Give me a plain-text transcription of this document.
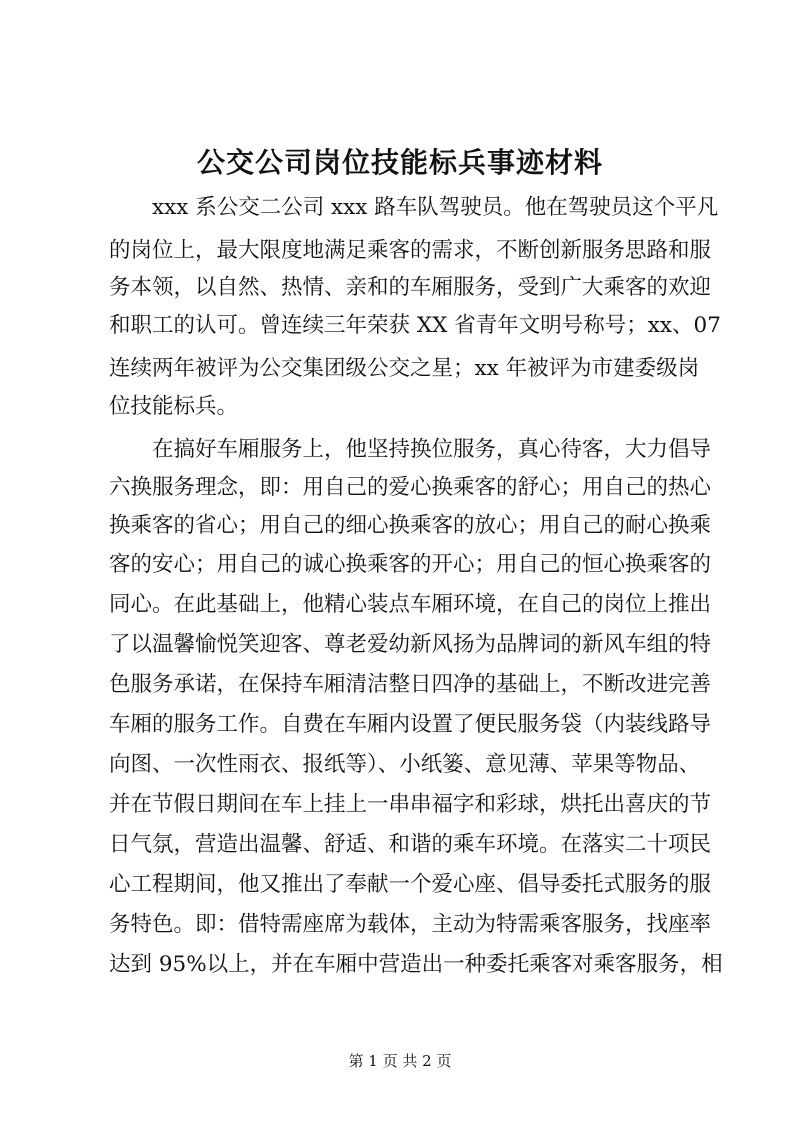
公交公司岗位技能标兵事迹材料
xxx 系公交二公司 xxx 路车队驾驶员。他在驾驶员这个平凡
的岗位上，最大限度地满足乘客的需求，不断创新服务思路和服
务本领，以自然、热情、亲和的车厢服务，受到广大乘客的欢迎
和职工的认可。曾连续三年荣获 XX 省青年文明号称号；xx、07
连续两年被评为公交集团级公交之星；xx 年被评为市建委级岗
位技能标兵。
在搞好车厢服务上，他坚持换位服务，真心待客，大力倡导
六换服务理念，即：用自己的爱心换乘客的舒心；用自己的热心
换乘客的省心；用自己的细心换乘客的放心；用自己的耐心换乘
客的安心；用自己的诚心换乘客的开心；用自己的恒心换乘客的
同心。在此基础上，他精心装点车厢环境，在自己的岗位上推出
了以温馨愉悦笑迎客、尊老爱幼新风扬为品牌词的新风车组的特
色服务承诺，在保持车厢清洁整日四净的基础上，不断改进完善
车厢的服务工作。自费在车厢内设置了便民服务袋（内装线路导
向图、一次性雨衣、报纸等）、小纸篓、意见薄、苹果等物品、
并在节假日期间在车上挂上一串串福字和彩球，烘托出喜庆的节
日气氛，营造出温馨、舒适、和谐的乘车环境。在落实二十项民
心工程期间，他又推出了奉献一个爱心座、倡导委托式服务的服
务特色。即：借特需座席为载体，主动为特需乘客服务，找座率
达到 95%以上，并在车厢中营造出一种委托乘客对乘客服务，相
第 1 页 共 2 页
